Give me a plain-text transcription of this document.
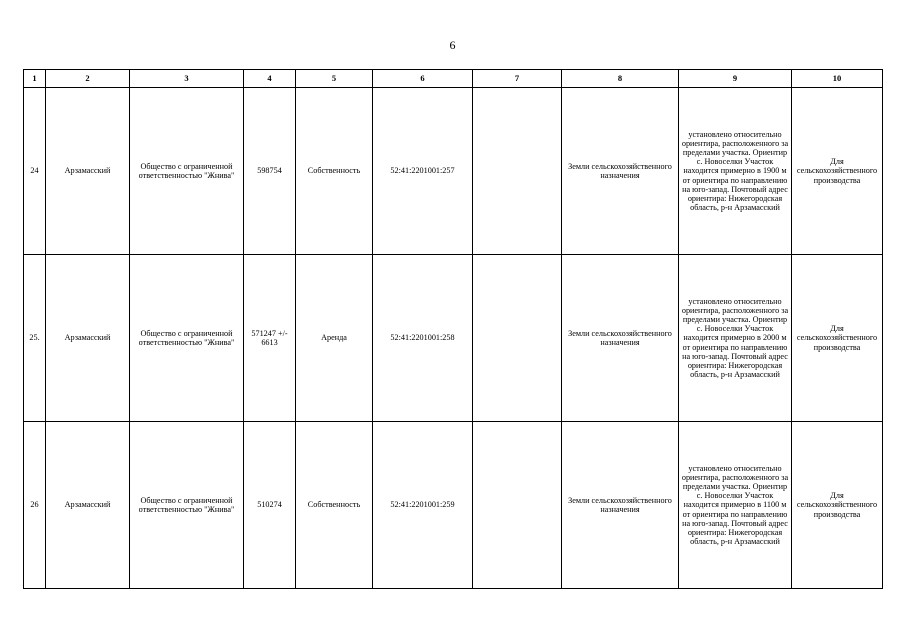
6
1	2	3	4	5	6	7	8	9	10
24	Арзамасский	Общество с ограниченной ответственностью "Жнива"	598754	Собственность	52:41:2201001:257		Земли сельскохозяйственного назначения	установлено относительно ориентира, расположенного за пределами участка. Ориентир с. Новоселки Участок находится примерно в 1900 м от ориентира по направлению на юго-запад. Почтовый адрес ориентира: Нижегородская область, р-н Арзамасский	Для сельскохозяйственного производства
25.	Арзамасский	Общество с ограниченной ответственностью "Жнива"	571247 +/- 6613	Аренда	52:41:2201001:258		Земли сельскохозяйственного назначения	установлено относительно ориентира, расположенного за пределами участка. Ориентир с. Новоселки Участок находится примерно в 2000 м от ориентира по направлению на юго-запад. Почтовый адрес ориентира: Нижегородская область, р-н Арзамасский	Для сельскохозяйственного производства
26	Арзамасский	Общество с ограниченной ответственностью "Жнива"	510274	Собственность	52:41:2201001:259		Земли сельскохозяйственного назначения	установлено относительно ориентира, расположенного за пределами участка. Ориентир с. Новоселки Участок находится примерно в 1100 м от ориентира по направлению на юго-запад. Почтовый адрес ориентира: Нижегородская область, р-н Арзамасский	Для сельскохозяйственного производства
